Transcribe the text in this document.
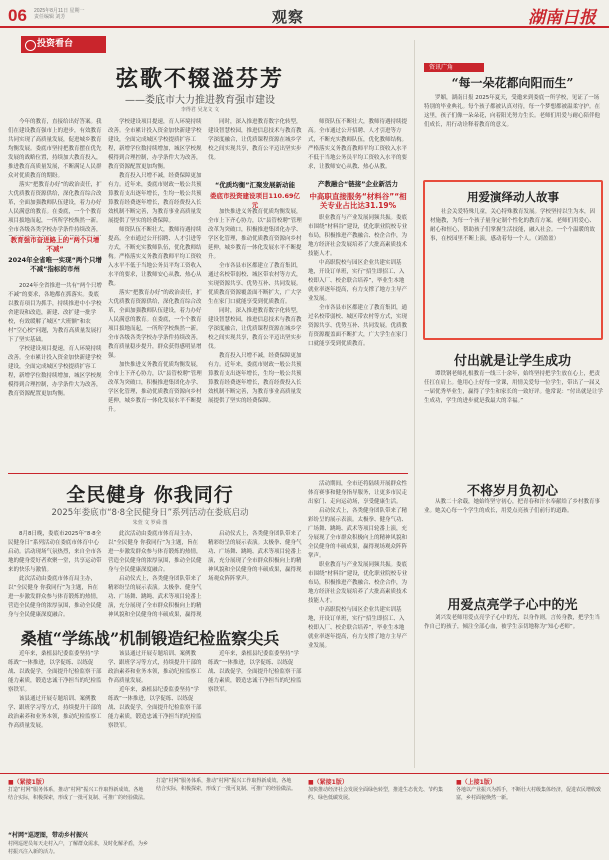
06 2025年8月11日 星期一
责任编辑 刘芳	观察	湖南日报
投资看台
弦歌不辍溢芬芳
——娄底市大力推进教育强市建设
李得君 吴龙文 文

今年的教育，直接给出好答案。我们在建设教育强市上的进步，有效教育共同实现了高质量发展，促进城乡教育均衡发展。娄底市坚持把教育摆在优先发展的战略位置，持续加大教育投入，推进教育高质量发展，不断满足人民群众对优质教育的期盼。

落实“把教育办好”的政治责任，扩大优质教育资源供给，深化教育综合改革，全面加强教师队伍建设，着力办好人民满意的教育。在娄底，一个个教育项目拔地而起，一所所学校焕然一新。全市各级各类学校办学条件持续改善，

教育强市奋进路上的“两个只增不减”
2024年全省唯一实现“两个只增不减”指标的市州

2024年全省推进一共有“两个只增不减”的要求，各地都在抓落实。娄底以教育项目为抓手，持续推进中小学校舍建设和改造，新建、改扩建一批学校，有效缓解了城区“大班额”和农村“空心校”问题，为教育高质量发展打下了坚实基础。

学校建设项目提速，育人环境持续改善。全市累计投入资金加快新建学校建设，全面完成城区学校提质扩容工程，新增学位数持续增加，城区学校规模得到合理控制，办学条件大为改善，教育资源配置更加均衡。

学校建设项目提速，育人环境持续改善。全市累计投入资金加快新建学校建设，全面完成城区学校提质扩容工程，新增学位数持续增加，城区学校规模得到合理控制，办学条件大为改善，教育资源配置更加均衡。

教育投入只增不减，经费保障更加有力。近年来，娄底市财政一般公共预算教育支出逐年增长，生均一般公共预算教育经费逐年增长，教育经费投入长效机制不断完善，为教育事业高质量发展提供了坚实的经费保障。

师资队伍不断壮大，教师待遇持续提高。全市通过公开招聘、人才引进等方式，不断充实教师队伍，优化教师结构。严格落实义务教育教师平均工资收入水平不低于当地公务员平均工资收入水平的要求，让教师安心从教、热心从教。

落实“把教育办好”的政治责任，扩大优质教育资源供给，深化教育综合改革，全面加强教师队伍建设，着力办好人民满意的教育。在娄底，一个个教育项目拔地而起，一所所学校焕然一新。全市各级各类学校办学条件持续改善，教育质量稳步提升，群众获得感明显增强。

加快推进义务教育优质均衡发展，全市上下齐心协力，以“县管校聘”管理改革为突破口，积极推进集团化办学、学区化管理，推动优质教育资源向乡村延伸，城乡教育一体化发展水平不断提升。

同时，深入推进教育数字化转型，建设智慧校园，推进信息技术与教育教学深度融合，让优质课程资源在城乡学校之间实现共享，教育公平迈出坚实步伐。

“优质均衡”汇聚发展新动能
娄底市投资建设项目110.69亿元

加快推进义务教育优质均衡发展，全市上下齐心协力，以“县管校聘”管理改革为突破口，积极推进集团化办学、学区化管理，推动优质教育资源向乡村延伸，城乡教育一体化发展水平不断提升。

全市各县市区都建立了教育集团，通过名校带弱校、城区带农村等方式，实现资源共享、优势互补、共同发展。优质教育资源覆盖面不断扩大，广大学生在家门口就能享受到优质教育。

同时，深入推进教育数字化转型，建设智慧校园，推进信息技术与教育教学深度融合，让优质课程资源在城乡学校之间实现共享，教育公平迈出坚实步伐。

教育投入只增不减，经费保障更加有力。近年来，娄底市财政一般公共预算教育支出逐年增长，生均一般公共预算教育经费逐年增长，教育经费投入长效机制不断完善，为教育事业高质量发展提供了坚实的经费保障。

师资队伍不断壮大，教师待遇持续提高。全市通过公开招聘、人才引进等方式，不断充实教师队伍，优化教师结构。严格落实义务教育教师平均工资收入水平不低于当地公务员平均工资收入水平的要求，让教师安心从教、热心从教。

产教融合“链接”企业新活力
中高职直接服务“材料谷”“相关专业占比达31.19%

职业教育与产业发展同频共振。娄底市围绕“材料谷”建设，优化职业院校专业布局，积极推进产教融合、校企合作，为地方经济社会发展培养了大批高素质技术技能人才。

中高职院校与园区企业共建实训基地，开设订单班，实行“招生即招工、入校即入厂、校企联合培养”，毕业生本地就业率逐年提高，有力支撑了地方主导产业发展。

全市各县市区都建立了教育集团，通过名校带弱校、城区带农村等方式，实现资源共享、优势互补、共同发展。优质教育资源覆盖面不断扩大，广大学生在家门口就能享受到优质教育。

全民健身 你我同行
2025年娄底市“8·8全民健身日”系列活动在娄底启动
朱萱 文 罗舜 图

8月8日晚，娄底市2025年“8·8全民健身日”系列活动在娄底市体育中心启动。活动现场气氛热烈，来自全市各地的健身爱好者欢聚一堂，共享运动带来的快乐与激情。

此次活动由娄底市体育局主办，以“全民健身 你我同行”为主题，旨在进一步激发群众参与体育锻炼的热情，营造全民健身的浓厚氛围，推动全民健身与全民健康深度融合。

此次活动由娄底市体育局主办，以“全民健身 你我同行”为主题，旨在进一步激发群众参与体育锻炼的热情，营造全民健身的浓厚氛围，推动全民健身与全民健康深度融合。

启动仪式上，各类健身团队带来了精彩纷呈的展示表演。太极拳、健身气功、广场舞、跳绳、武术等项目轮番上演，充分展现了全市群众积极向上的精神风貌和全民健身的丰硕成果，赢得现

启动仪式上，各类健身团队带来了精彩纷呈的展示表演。太极拳、健身气功、广场舞、跳绳、武术等项目轮番上演，充分展现了全市群众积极向上的精神风貌和全民健身的丰硕成果，赢得现场观众阵阵掌声。

活动期间，全市还将陆续开展群众性体育赛事和健身指导服务，让更多市民走出家门、走向运动场，享受健康生活。

启动仪式上，各类健身团队带来了精彩纷呈的展示表演。太极拳、健身气功、广场舞、跳绳、武术等项目轮番上演，充分展现了全市群众积极向上的精神风貌和全民健身的丰硕成果，赢得现场观众阵阵掌声。

职业教育与产业发展同频共振。娄底市围绕“材料谷”建设，优化职业院校专业布局，积极推进产教融合、校企合作，为地方经济社会发展培养了大批高素质技术技能人才。

中高职院校与园区企业共建实训基地，开设订单班，实行“招生即招工、入校即入厂、校企联合培养”，毕业生本地就业率逐年提高，有力支撑了地方主导产业发展。

桑植“学练战”机制锻造纪检监察尖兵

近年来，桑植县纪委监委坚持“学练战”一体推进，以学促练、以练促战、以战促学，全面提升纪检监察干部能力素质，锻造忠诚干净担当的纪检监察铁军。

该县通过开展专题培训、案例教学、跟班学习等方式，持续提升干部的政治素养和业务本领，推动纪检监察工作高质量发展。

该县通过开展专题培训、案例教学、跟班学习等方式，持续提升干部的政治素养和业务本领，推动纪检监察工作高质量发展。

近年来，桑植县纪委监委坚持“学练战”一体推进，以学促练、以练促战、以战促学，全面提升纪检监察干部能力素质，锻造忠诚干净担当的纪检监察铁军。

近年来，桑植县纪委监委坚持“学练战”一体推进，以学促练、以练促战、以战促学，全面提升纪检监察干部能力素质，锻造忠诚干净担当的纪检监察铁军。

资讯广角
“每一朵花都向阳而生”

罗媚，湖南日报 2025年夏天，受邀来到娄底一所学校，见证了一场特别的毕业典礼。每个孩子都被认真对待，每一个梦想都被温柔守护。在这里，孩子们像一朵朵花，向着阳光努力生长。老师们用爱与耐心陪伴他们成长，用行动诠释着教育的意义。

用爱演绎动人故事

社会关爱特殊儿童，关心特殊教育发展。学校坚持以生为本，因材施教，为每一个孩子量身定制个性化的教育方案。老师们用爱心、耐心和恒心，帮助孩子们掌握生活技能，融入社会。一个个温暖的故事，在校园里不断上演，感动着每一个人。（刘盈盈）

付出就是让学生成功

谭铁钢老师扎根教育一线三十余年，始终坚持把学生放在心上，把责任扛在肩上。他用心上好每一堂课，用情关爱每一位学生，带出了一届又一届优秀毕业生，赢得了学生和家长的一致好评。他常说：“付出就是让学生成功，学生的进步就是我最大的幸福。”

不将岁月负初心

从教二十余载，她始终坚守初心，把青春和汗水奉献给了乡村教育事业。她关心每一个学生的成长，用爱点亮孩子们前行的道路。

用爱点亮学子心中的光

刘兴发老师用爱点亮学子心中的光，以身作则，言传身教，把学生当作自己的孩子，倾注全部心血，被学生亲切地称为“知心老师”。

■（紧接1版）
打造“村网”服务体系，推动“村网”振兴工作取得新成效。各地结合实际，积极探索，形成了一批可复制、可推广的经验做法。
“村网”巡逻图，带动乡村振兴
村网巡逻员每天走村入户，了解群众需求，及时化解矛盾，为乡村振兴注入新的活力。
打造“村网”服务体系，推动“村网”振兴工作取得新成效。各地结合实际，积极探索，形成了一批可复制、可推广的经验做法。
■（紧接1版）
加快推动经济社会发展全面绿色转型，推进生态优先、节约集约、绿色低碳发展。
■（上接1版）
各地以产业振兴为抓手，不断壮大村级集体经济，促进农民增收致富，乡村面貌焕然一新。
